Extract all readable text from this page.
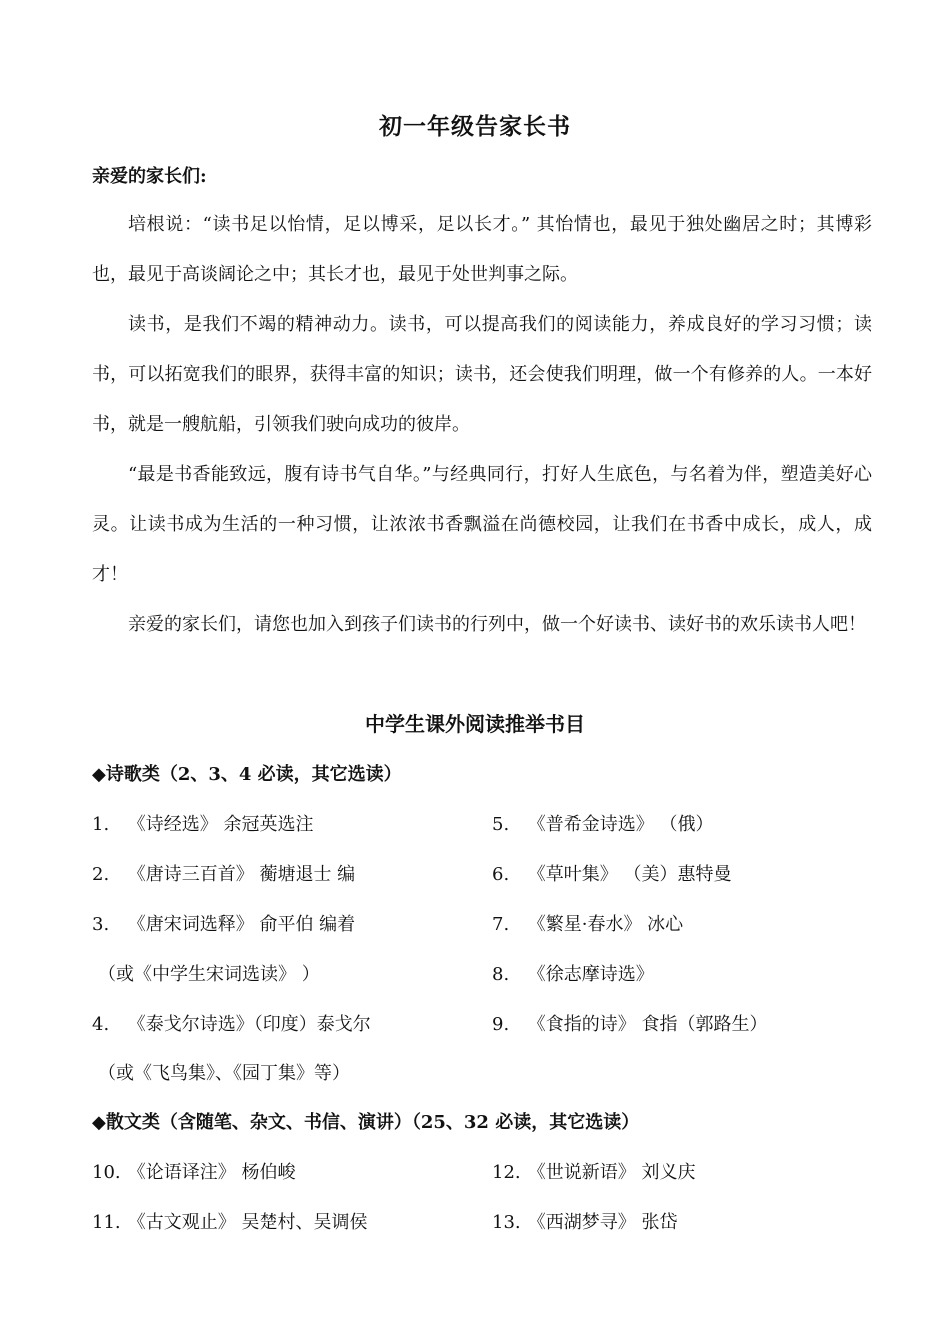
初一年级告家长书
亲爱的家长们:
培根说：“读书足以怡情，足以博采，足以长才。” 其怡情也，最见于独处幽居之时；其博彩也，最见于高谈阔论之中；其长才也，最见于处世判事之际。
读书，是我们不竭的精神动力。读书，可以提高我们的阅读能力，养成良好的学习习惯；读书，可以拓宽我们的眼界，获得丰富的知识；读书，还会使我们明理，做一个有修养的人。一本好书，就是一艘航船，引领我们驶向成功的彼岸。
“最是书香能致远，腹有诗书气自华。”与经典同行，打好人生底色，与名着为伴，塑造美好心灵。让读书成为生活的一种习惯，让浓浓书香飘溢在尚德校园，让我们在书香中成长，成人，成才！
亲爱的家长们，请您也加入到孩子们读书的行列中，做一个好读书、读好书的欢乐读书人吧！
中学生课外阅读推举书目
◆诗歌类（2、3、4 必读，其它选读）
1. 《诗经选》 余冠英选注
2. 《唐诗三百首》 蘅塘退士 编
3. 《唐宋词选释》 俞平伯 编着
（或《中学生宋词选读》 ）
4. 《泰戈尔诗选》（印度）泰戈尔
（或《飞鸟集》、《园丁集》等）
5. 《普希金诗选》 （俄）
6. 《草叶集》 （美）惠特曼
7. 《繁星·春水》 冰心
8. 《徐志摩诗选》
9. 《食指的诗》 食指（郭路生）
◆散文类（含随笔、杂文、书信、演讲）（25、32 必读，其它选读）
10. 《论语译注》 杨伯峻
11. 《古文观止》 吴楚村、吴调侯
12. 《世说新语》 刘义庆
13. 《西湖梦寻》 张岱
